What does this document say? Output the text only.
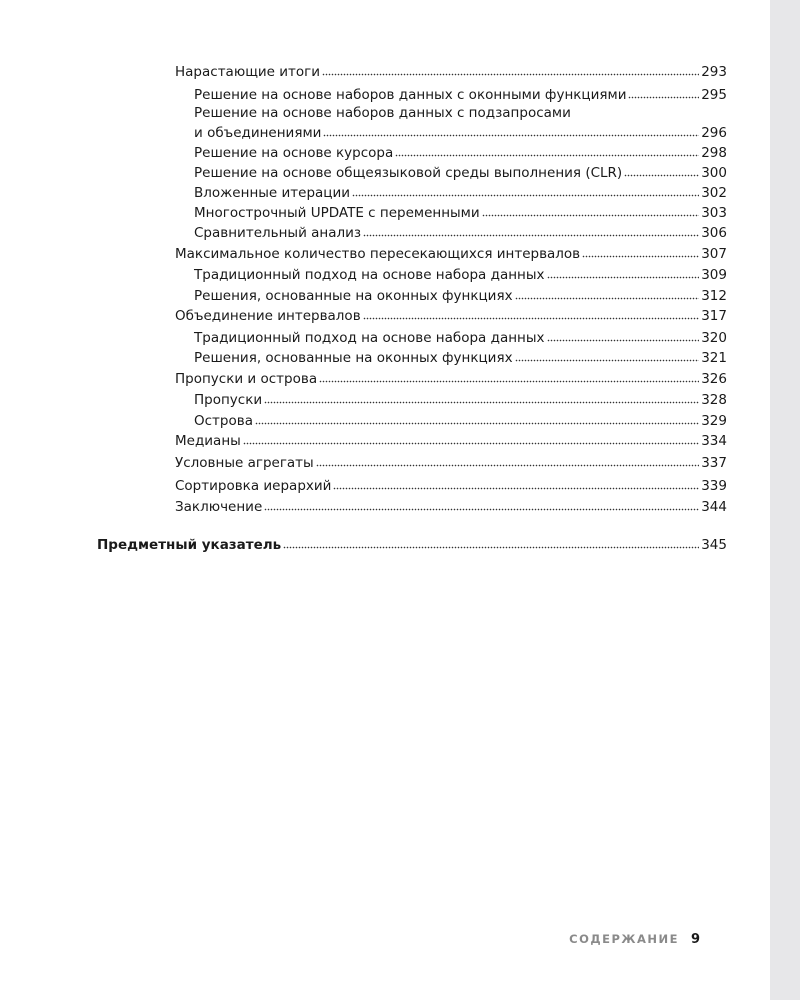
Нарастающие итоги	293
Решение на основе наборов данных с оконными функциями	295
Решение на основе наборов данных с подзапросами
и объединениями	296
Решение на основе курсора	298
Решение на основе общеязыковой среды выполнения (CLR)	300
Вложенные итерации	302
Многострочный UPDATE с переменными	303
Сравнительный анализ	306
Максимальное количество пересекающихся интервалов	307
Традиционный подход на основе набора данных	309
Решения, основанные на оконных функциях	312
Объединение интервалов	317
Традиционный подход на основе набора данных	320
Решения, основанные на оконных функциях	321
Пропуски и острова	326
Пропуски	328
Острова	329
Медианы	334
Условные агрегаты	337
Сортировка иерархий	339
Заключение	344
Предметный указатель	345
СОДЕРЖАНИЕ 9
